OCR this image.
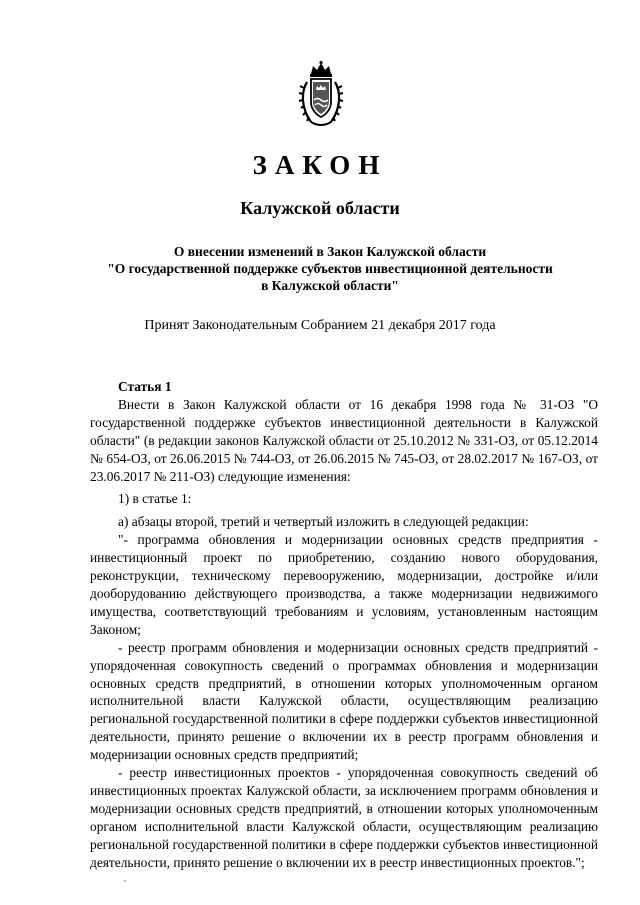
ЗАКОН
Калужской области
О внесении изменений в Закон Калужской области
"О государственной поддержке субъектов инвестиционной деятельности
в Калужской области"
Принят Законодательным Собранием 21 декабря 2017 года

Статья 1

Внести в Закон Калужской области от 16 декабря 1998 года № 31-ОЗ "О государственной поддержке субъектов инвестиционной деятельности в Калужской области" (в редакции законов Калужской области от 25.10.2012 № 331-ОЗ, от 05.12.2014 № 654-ОЗ, от 26.06.2015 № 744-ОЗ, от 26.06.2015 № 745-ОЗ, от 28.02.2017 № 167-ОЗ, от 23.06.2017 № 211-ОЗ) следующие изменения:

1) в статье 1:

а) абзацы второй, третий и четвертый изложить в следующей редакции:

"- программа обновления и модернизации основных средств предприятия - инвестиционный проект по приобретению, созданию нового оборудования, реконструкции, техническому перевооружению, модернизации, достройке и/или дооборудованию действующего производства, а также модернизации недвижимого имущества, соответствующий требованиям и условиям, установленным настоящим Законом;

- реестр программ обновления и модернизации основных средств предприятий - упорядоченная совокупность сведений о программах обновления и модернизации основных средств предприятий, в отношении которых уполномоченным органом исполнительной власти Калужской области, осуществляющим реализацию региональной государственной политики в сфере поддержки субъектов инвестиционной деятельности, принято решение о включении их в реестр программ обновления и модернизации основных средств предприятий;

- реестр инвестиционных проектов - упорядоченная совокупность сведений об инвестиционных проектах Калужской области, за исключением программ обновления и модернизации основных средств предприятий, в отношении которых уполномоченным органом исполнительной власти Калужской области, осуществляющим реализацию региональной государственной политики в сфере поддержки субъектов инвестиционной деятельности, принято решение о включении их в реестр инвестиционных проектов.";
